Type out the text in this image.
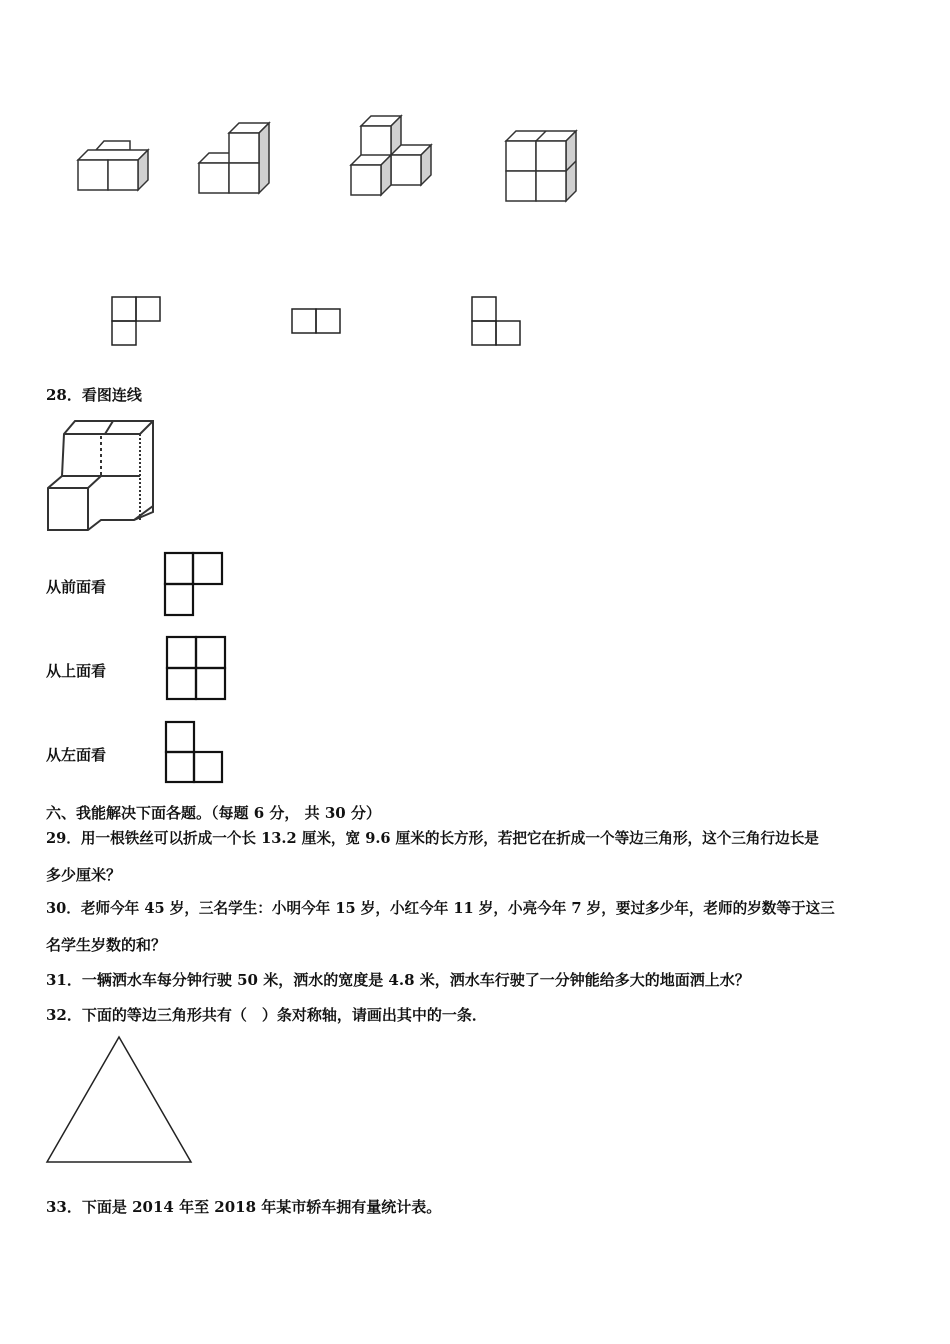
28．看图连线
从前面看
从上面看
从左面看
六、我能解决下面各题。（每题 6 分， 共 30 分）
29．用一根铁丝可以折成一个长 13.2 厘米，宽 9.6 厘米的长方形，若把它在折成一个等边三角形，这个三角行边长是
多少厘米？
30．老师今年 45 岁，三名学生：小明今年 15 岁，小红今年 11 岁，小亮今年 7 岁，要过多少年，老师的岁数等于这三
名学生岁数的和？
31．一辆洒水车每分钟行驶 50 米，洒水的宽度是 4.8 米，洒水车行驶了一分钟能给多大的地面洒上水？
32．下面的等边三角形共有（　）条对称轴，请画出其中的一条．
33．下面是 2014 年至 2018 年某市轿车拥有量统计表。
